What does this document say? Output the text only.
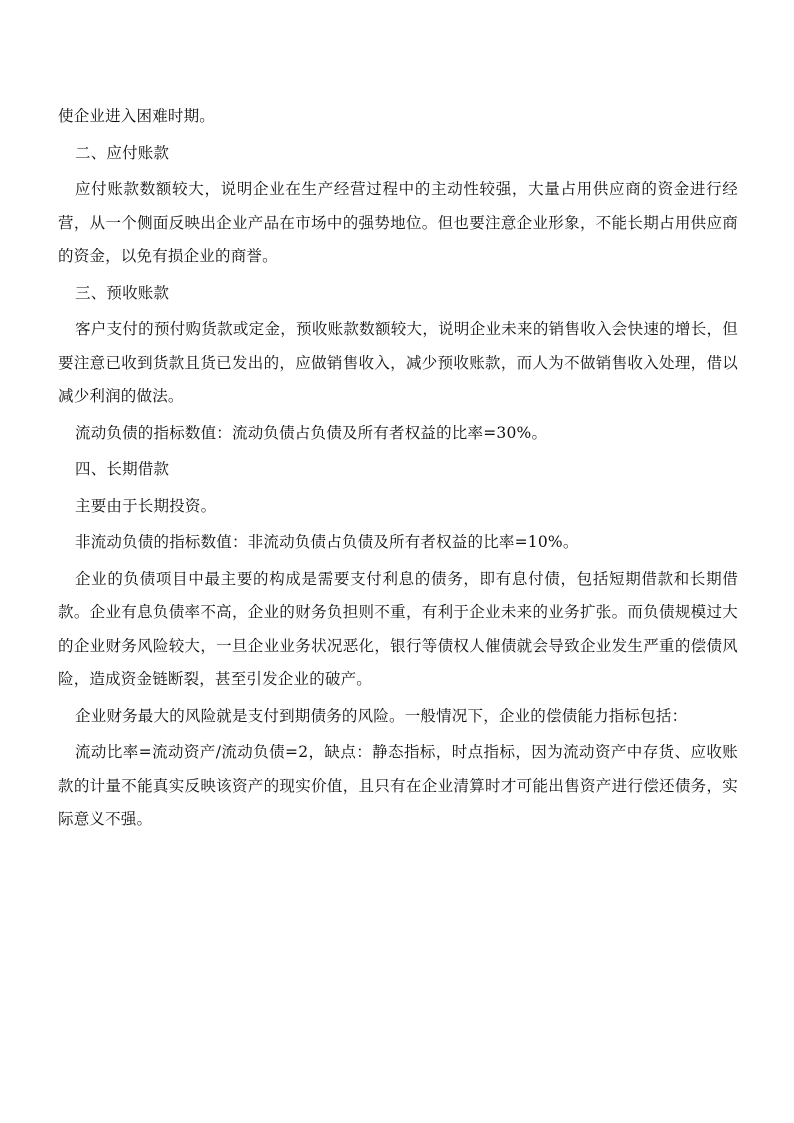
使企业进入困难时期。

二、应付账款

应付账款数额较大，说明企业在生产经营过程中的主动性较强，大量占用供应商的资金进行经营，从一个侧面反映出企业产品在市场中的强势地位。但也要注意企业形象，不能长期占用供应商的资金，以免有损企业的商誉。

三、预收账款

客户支付的预付购货款或定金，预收账款数额较大，说明企业未来的销售收入会快速的增长，但要注意已收到货款且货已发出的，应做销售收入，减少预收账款，而人为不做销售收入处理，借以减少利润的做法。

流动负债的指标数值：流动负债占负债及所有者权益的比率=30%。

四、长期借款

主要由于长期投资。

非流动负债的指标数值：非流动负债占负债及所有者权益的比率=10%。

企业的负债项目中最主要的构成是需要支付利息的债务，即有息付债，包括短期借款和长期借款。企业有息负债率不高，企业的财务负担则不重，有利于企业未来的业务扩张。而负债规模过大的企业财务风险较大，一旦企业业务状况恶化，银行等债权人催债就会导致企业发生严重的偿债风险，造成资金链断裂，甚至引发企业的破产。

企业财务最大的风险就是支付到期债务的风险。一般情况下，企业的偿债能力指标包括：

流动比率=流动资产/流动负债=2，缺点：静态指标，时点指标，因为流动资产中存货、应收账款的计量不能真实反映该资产的现实价值，且只有在企业清算时才可能出售资产进行偿还债务，实际意义不强。
